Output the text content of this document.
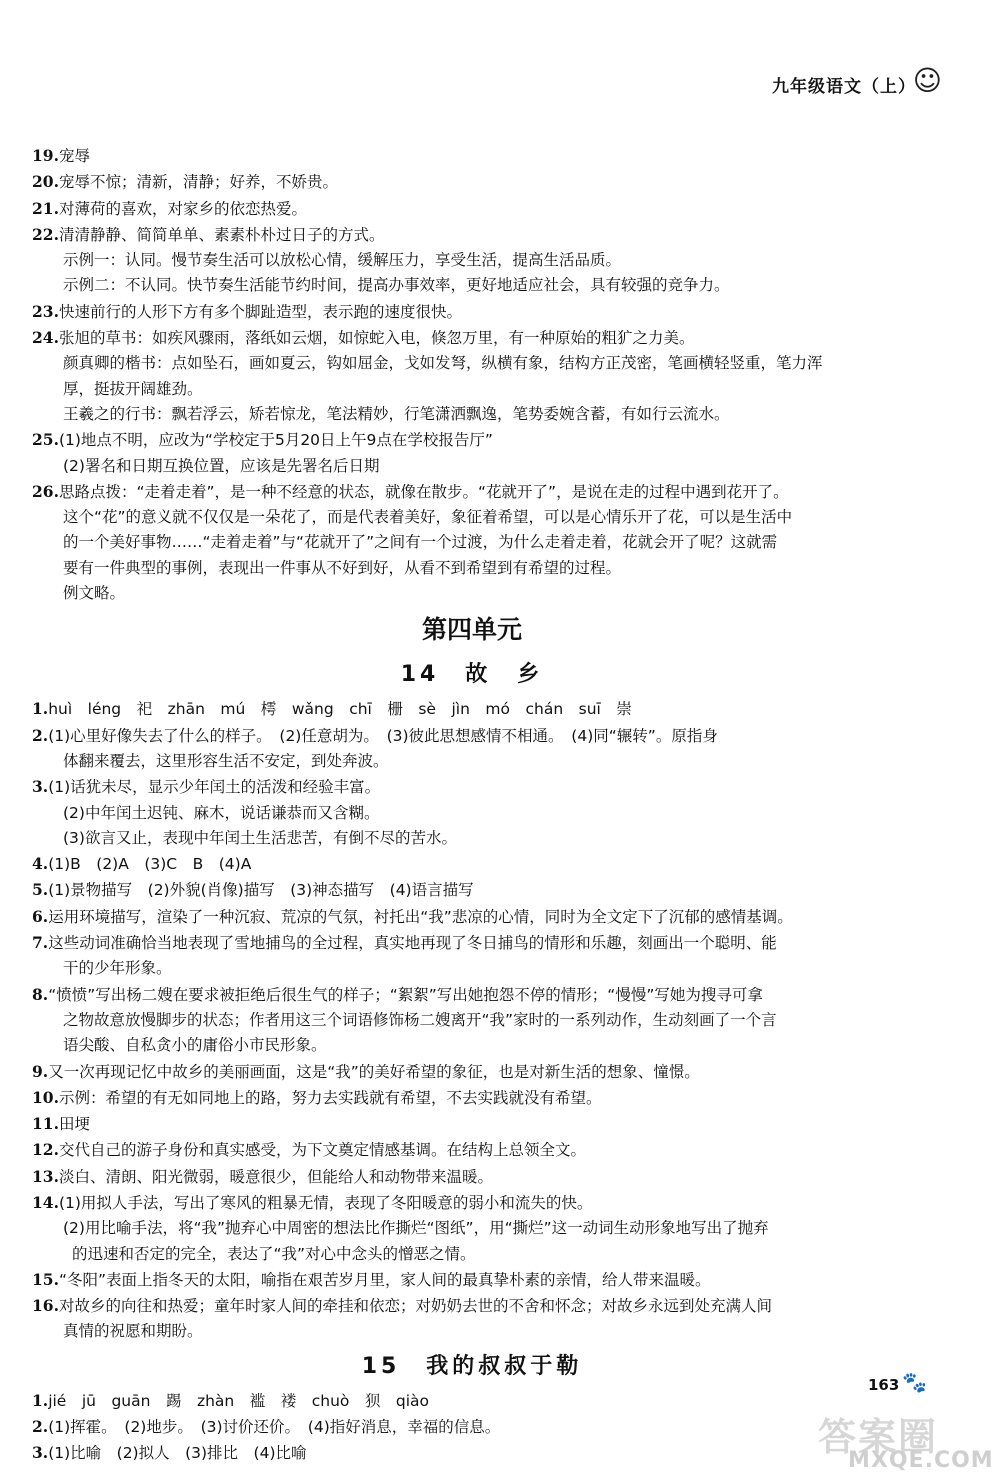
九年级语文（上）
☺
19.宠辱
20.宠辱不惊；清新，清静；好养，不娇贵。
21.对薄荷的喜欢，对家乡的依恋热爱。
22.清清静静、简简单单、素素朴朴过日子的方式。
示例一：认同。慢节奏生活可以放松心情，缓解压力，享受生活，提高生活品质。
示例二：不认同。快节奏生活能节约时间，提高办事效率，更好地适应社会，具有较强的竞争力。
23.快速前行的人形下方有多个脚趾造型，表示跑的速度很快。
24.张旭的草书：如疾风骤雨，落纸如云烟，如惊蛇入电，倏忽万里，有一种原始的粗犷之力美。
颜真卿的楷书：点如坠石，画如夏云，钩如屈金，戈如发弩，纵横有象，结构方正茂密，笔画横轻竖重，笔力浑
厚，挺拔开阔雄劲。
王羲之的行书：飘若浮云，矫若惊龙，笔法精妙，行笔潇洒飘逸，笔势委婉含蓄，有如行云流水。
25.(1)地点不明，应改为“学校定于5月20日上午9点在学校报告厅”
(2)署名和日期互换位置，应该是先署名后日期
26.思路点拨：“走着走着”，是一种不经意的状态，就像在散步。“花就开了”，是说在走的过程中遇到花开了。
这个“花”的意义就不仅仅是一朵花了，而是代表着美好，象征着希望，可以是心情乐开了花，可以是生活中
的一个美好事物……“走着走着”与“花就开了”之间有一个过渡，为什么走着走着，花就会开了呢？这就需
要有一件典型的事例，表现出一件事从不好到好，从看不到希望到有希望的过程。
例文略。
第四单元
14　故　乡
1.huì　léng　祀　zhān　mú　樗　wǎng　chī　栅　sè　jìn　mó　chán　suī　崇
2.(1)心里好像失去了什么的样子。　(2)任意胡为。　(3)彼此思想感情不相通。　(4)同“辗转”。原指身
体翻来覆去，这里形容生活不安定，到处奔波。
3.(1)话犹未尽，显示少年闰土的活泼和经验丰富。
(2)中年闰土迟钝、麻木，说话谦恭而又含糊。
(3)欲言又止，表现中年闰土生活悲苦，有倒不尽的苦水。
4.(1)B　(2)A　(3)C　B　(4)A
5.(1)景物描写　(2)外貌(肖像)描写　(3)神态描写　(4)语言描写
6.运用环境描写，渲染了一种沉寂、荒凉的气氛，衬托出“我”悲凉的心情，同时为全文定下了沉郁的感情基调。
7.这些动词准确恰当地表现了雪地捕鸟的全过程，真实地再现了冬日捕鸟的情形和乐趣，刻画出一个聪明、能
干的少年形象。
8.“愤愤”写出杨二嫂在要求被拒绝后很生气的样子；“絮絮”写出她抱怨不停的情形；“慢慢”写她为搜寻可拿
之物故意放慢脚步的状态；作者用这三个词语修饰杨二嫂离开“我”家时的一系列动作，生动刻画了一个言
语尖酸、自私贪小的庸俗小市民形象。
9.又一次再现记忆中故乡的美丽画面，这是“我”的美好希望的象征，也是对新生活的想象、憧憬。
10.示例：希望的有无如同地上的路，努力去实践就有希望，不去实践就没有希望。
11.田埂
12.交代自己的游子身份和真实感受，为下文奠定情感基调。在结构上总领全文。
13.淡白、清朗、阳光微弱，暖意很少，但能给人和动物带来温暖。
14.(1)用拟人手法，写出了寒风的粗暴无情，表现了冬阳暖意的弱小和流失的快。
(2)用比喻手法，将“我”抛弃心中周密的想法比作撕烂“图纸”，用“撕烂”这一动词生动形象地写出了抛弃
的迅速和否定的完全，表达了“我”对心中念头的憎恶之情。
15.“冬阳”表面上指冬天的太阳，喻指在艰苦岁月里，家人间的最真挚朴素的亲情，给人带来温暖。
16.对故乡的向往和热爱；童年时家人间的牵挂和依恋；对奶奶去世的不舍和怀念；对故乡永远到处充满人间
真情的祝愿和期盼。
15　我的叔叔于勒
1.jié　jū　guān　踢　zhàn　褴　褛　chuò　狈　qiào
2.(1)挥霍。　(2)地步。　(3)讨价还价。　(4)指好消息，幸福的信息。
3.(1)比喻　(2)拟人　(3)排比　(4)比喻
163 🐾
答案圈
MXQE.COM
